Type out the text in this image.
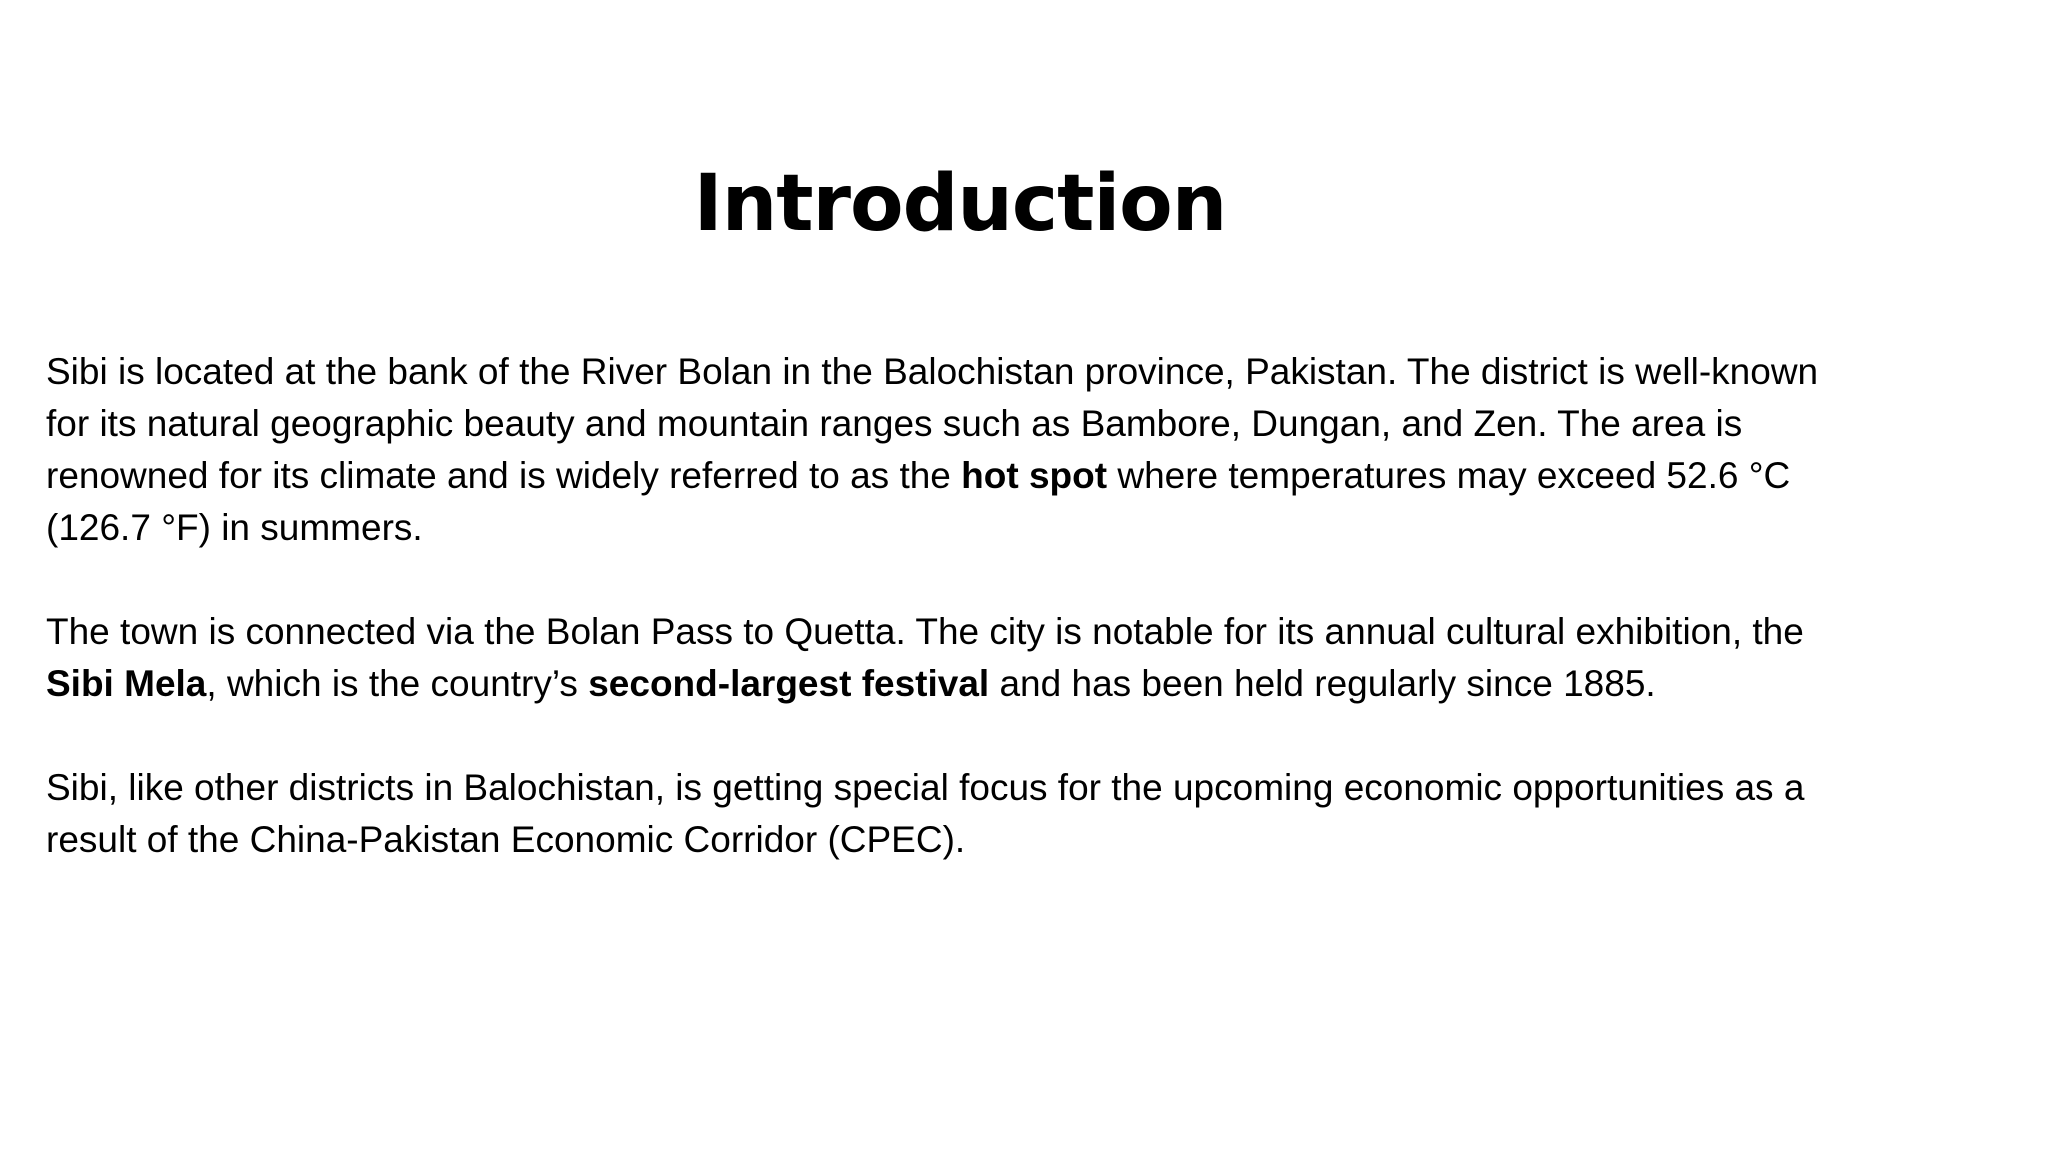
Introduction

Sibi is located at the bank of the River Bolan in the Balochistan province, Pakistan. The district is well-known
for its natural geographic beauty and mountain ranges such as Bambore, Dungan, and Zen. The area is
renowned for its climate and is widely referred to as the hot spot where temperatures may exceed 52.6 °C
(126.7 °F) in summers.

The town is connected via the Bolan Pass to Quetta. The city is notable for its annual cultural exhibition, the
Sibi Mela, which is the country’s second-largest festival and has been held regularly since 1885.

Sibi, like other districts in Balochistan, is getting special focus for the upcoming economic opportunities as a
result of the China-Pakistan Economic Corridor (CPEC).
